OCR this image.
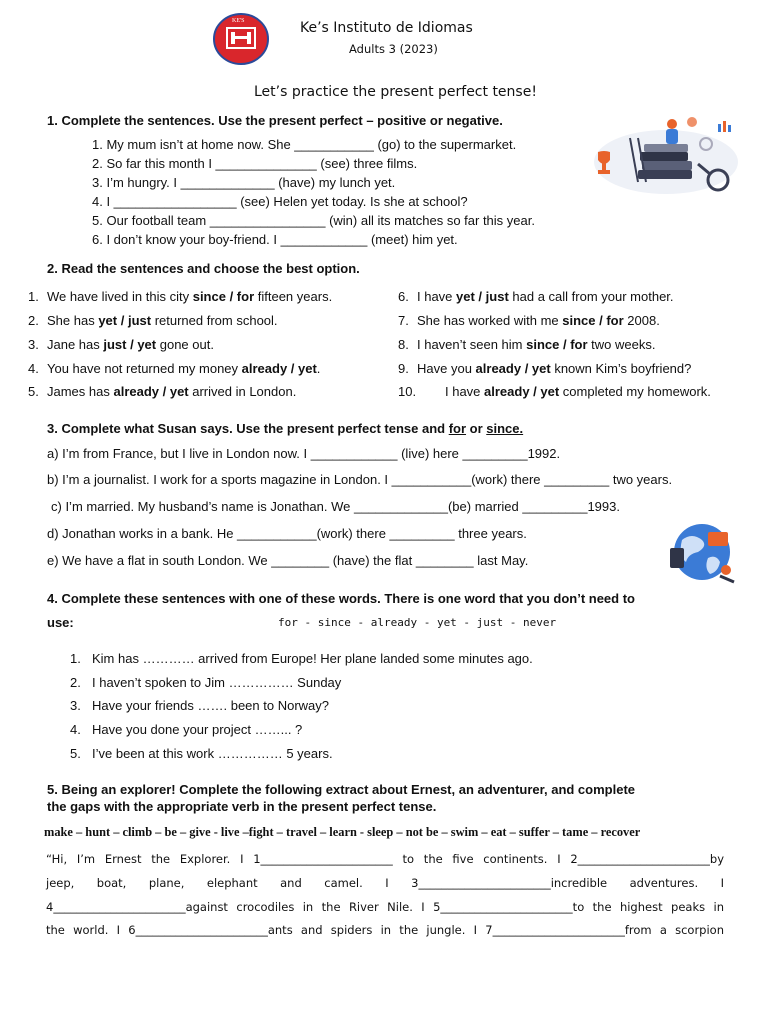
KE'S	Ke’s Instituto de Idiomas
Adults 3 (2023)
Let’s practice the present perfect tense!
1. Complete the sentences. Use the present perfect – positive or negative.
1. My mum isn’t at home now. She ___________ (go) to the supermarket.
2. So far this month I ______________ (see) three films.
3. I’m hungry. I _____________ (have) my lunch yet.
4. I _________________ (see) Helen yet today. Is she at school?
5. Our football team ________________ (win) all its matches so far this year.
6. I don’t know your boy-friend. I ____________ (meet) him yet.
2. Read the sentences and choose the best option.
1. We have lived in this city since / for fifteen years.
2. She has yet / just returned from school.
3. Jane has just / yet gone out.
4. You have not returned my money already / yet.
5. James has already / yet arrived in London.
6. I have yet / just had a call from your mother.
7. She has worked with me since / for 2008.
8. I haven’t seen him since / for two weeks.
9. Have you already / yet known Kim’s boyfriend?
10. I have already / yet completed my homework.
3. Complete what Susan says. Use the present perfect tense and for or since.
a) I’m from France, but I live in London now. I ____________ (live) here _________1992.
b) I’m a journalist. I work for a sports magazine in London. I ___________(work) there _________ two years.
c) I’m married. My husband’s name is Jonathan. We _____________(be) married _________1993.
d) Jonathan works in a bank. He ___________(work) there _________ three years.
e) We have a flat in south London. We ________ (have) the flat ________ last May.
4. Complete these sentences with one of these words. There is one word that you don’t need to
use:	for - since - already - yet - just - never
1. Kim has ………… arrived from Europe! Her plane landed some minutes ago.
2. I haven’t spoken to Jim …………… Sunday
3. Have your friends ……. been to Norway?
4. Have you done your project ……... ?
5. I’ve been at this work …………… 5 years.
5. Being an explorer! Complete the following extract about Ernest, an adventurer, and complete
the gaps with the appropriate verb in the present perfect tense.
make – hunt – climb – be – give - live –fight – travel – learn - sleep – not be – swim – eat – suffer – tame – recover
“Hi, I’m Ernest the Explorer. I 1_______________________ to the five continents. I 2_______________________by
jeep, boat, plane, elephant and camel. I 3_______________________incredible adventures. I
4_______________________against crocodiles in the River Nile. I 5_______________________to the highest peaks in
the world. I 6_______________________ants and spiders in the jungle. I 7_______________________from a scorpion
